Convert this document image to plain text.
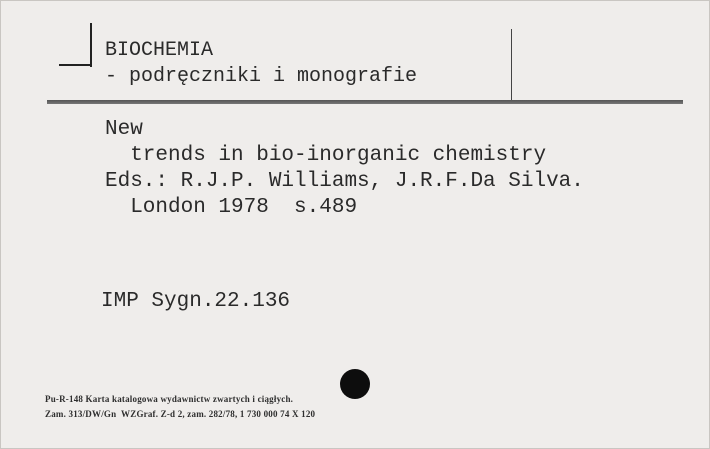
BIOCHEMIA
- podręczniki i monografie
New
trends in bio-inorganic chemistry
Eds.: R.J.P. Williams, J.R.F.Da Silva.
London 1978  s.489
IMP Sygn.22.136
Pu-R-148 Karta katalogowa wydawnictw zwartych i ciągłych.
Zam. 313/DW/Gn  WZGraf. Z-d 2, zam. 282/78, 1 730 000 74 X 120
